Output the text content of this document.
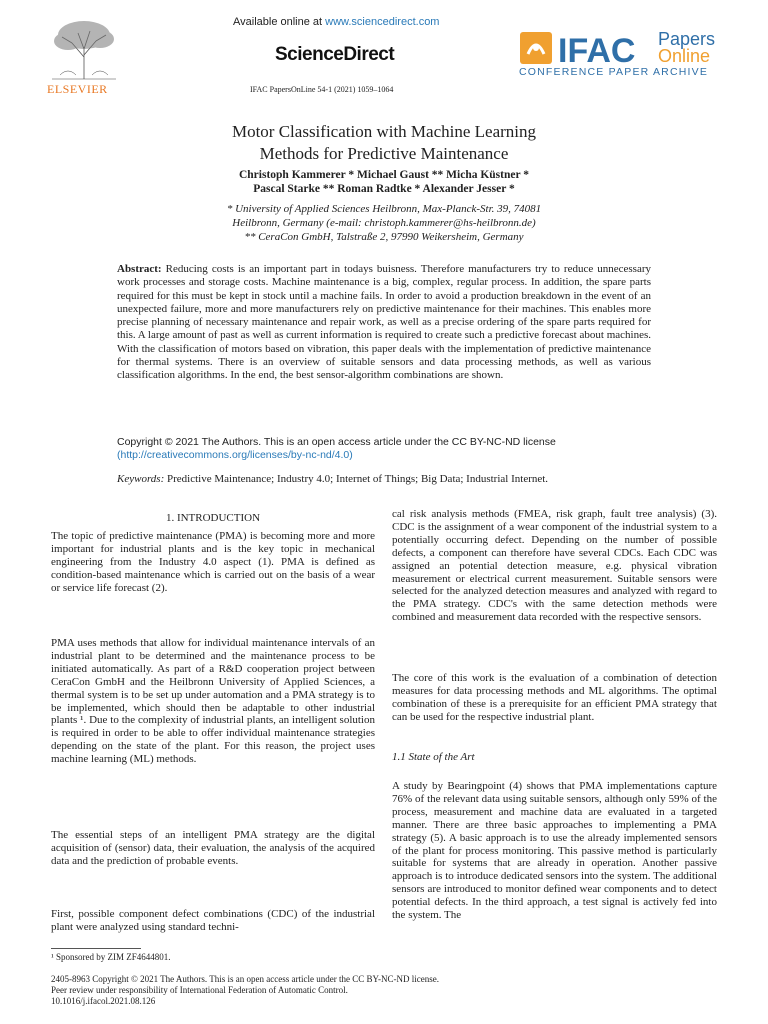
Available online at www.sciencedirect.com
ScienceDirect
IFAC PapersOnLine 54-1 (2021) 1059–1064
ELSEVIER
IFAC Papers
Online
CONFERENCE PAPER ARCHIVE
Motor Classification with Machine Learning
Methods for Predictive Maintenance
Christoph Kammerer * Michael Gaust ** Micha Küstner *
Pascal Starke ** Roman Radtke * Alexander Jesser *
* University of Applied Sciences Heilbronn, Max-Planck-Str. 39, 74081
Heilbronn, Germany (e-mail: christoph.kammerer@hs-heilbronn.de)
** CeraCon GmbH, Talstraße 2, 97990 Weikersheim, Germany
Abstract: Reducing costs is an important part in todays buisness. Therefore manufacturers try to reduce unnecessary work processes and storage costs. Machine maintenance is a big, complex, regular process. In addition, the spare parts required for this must be kept in stock until a machine fails. In order to avoid a production breakdown in the event of an unexpected failure, more and more manufacturers rely on predictive maintenance for their machines. This enables more precise planning of necessary maintenance and repair work, as well as a precise ordering of the spare parts required for this. A large amount of past as well as current information is required to create such a predictive forecast about machines. With the classification of motors based on vibration, this paper deals with the implementation of predictive maintenance for thermal systems. There is an overview of suitable sensors and data processing methods, as well as various classification algorithms. In the end, the best sensor-algorithm combinations are shown.
Copyright © 2021 The Authors. This is an open access article under the CC BY-NC-ND license
(http://creativecommons.org/licenses/by-nc-nd/4.0)
Keywords: Predictive Maintenance; Industry 4.0; Internet of Things; Big Data; Industrial Internet.
1. INTRODUCTION
The topic of predictive maintenance (PMA) is becoming more and more important for industrial plants and is the key topic in mechanical engineering from the Industry 4.0 aspect (1). PMA is defined as condition-based maintenance which is carried out on the basis of a wear or service life forecast (2).
PMA uses methods that allow for individual maintenance intervals of an industrial plant to be determined and the maintenance process to be initiated automatically. As part of a R&D cooperation project between CeraCon GmbH and the Heilbronn University of Applied Sciences, a thermal system is to be set up under automation and a PMA strategy is to be implemented, which should then be adaptable to other industrial plants ¹. Due to the complexity of industrial plants, an intelligent solution is required in order to be able to offer individual maintenance strategies depending on the state of the plant. For this reason, the project uses machine learning (ML) methods.
The essential steps of an intelligent PMA strategy are the digital acquisition of (sensor) data, their evaluation, the analysis of the acquired data and the prediction of probable events.
First, possible component defect combinations (CDC) of the industrial plant were analyzed using standard techni-
¹ Sponsored by ZIM ZF4644801.
cal risk analysis methods (FMEA, risk graph, fault tree analysis) (3). CDC is the assignment of a wear component of the industrial system to a potentially occurring defect. Depending on the number of possible defects, a component can therefore have several CDCs. Each CDC was assigned an potential detection measure, e.g. physical vibration measurement or electrical current measurement. Suitable sensors were selected for the analyzed detection measures and analyzed with regard to the PMA strategy. CDC's with the same detection methods were combined and measurement data recorded with the respective sensors.
The core of this work is the evaluation of a combination of detection measures for data processing methods and ML algorithms. The optimal combination of these is a prerequisite for an efficient PMA strategy that can be used for the respective industrial plant.
1.1 State of the Art
A study by Bearingpoint (4) shows that PMA implementations capture 76% of the relevant data using suitable sensors, although only 59% of the process, measurement and machine data are evaluated in a targeted manner. There are three basic approaches to implementing a PMA strategy (5). A basic approach is to use the already implemented sensors of the plant for process monitoring. This passive method is particularly suitable for systems that are already in operation. Another passive approach is to introduce dedicated sensors into the system. The additional sensors are introduced to monitor defined wear components and to detect potential defects. In the third approach, a test signal is actively fed into the system. The
2405-8963 Copyright © 2021 The Authors. This is an open access article under the CC BY-NC-ND license.
Peer review under responsibility of International Federation of Automatic Control.
10.1016/j.ifacol.2021.08.126
